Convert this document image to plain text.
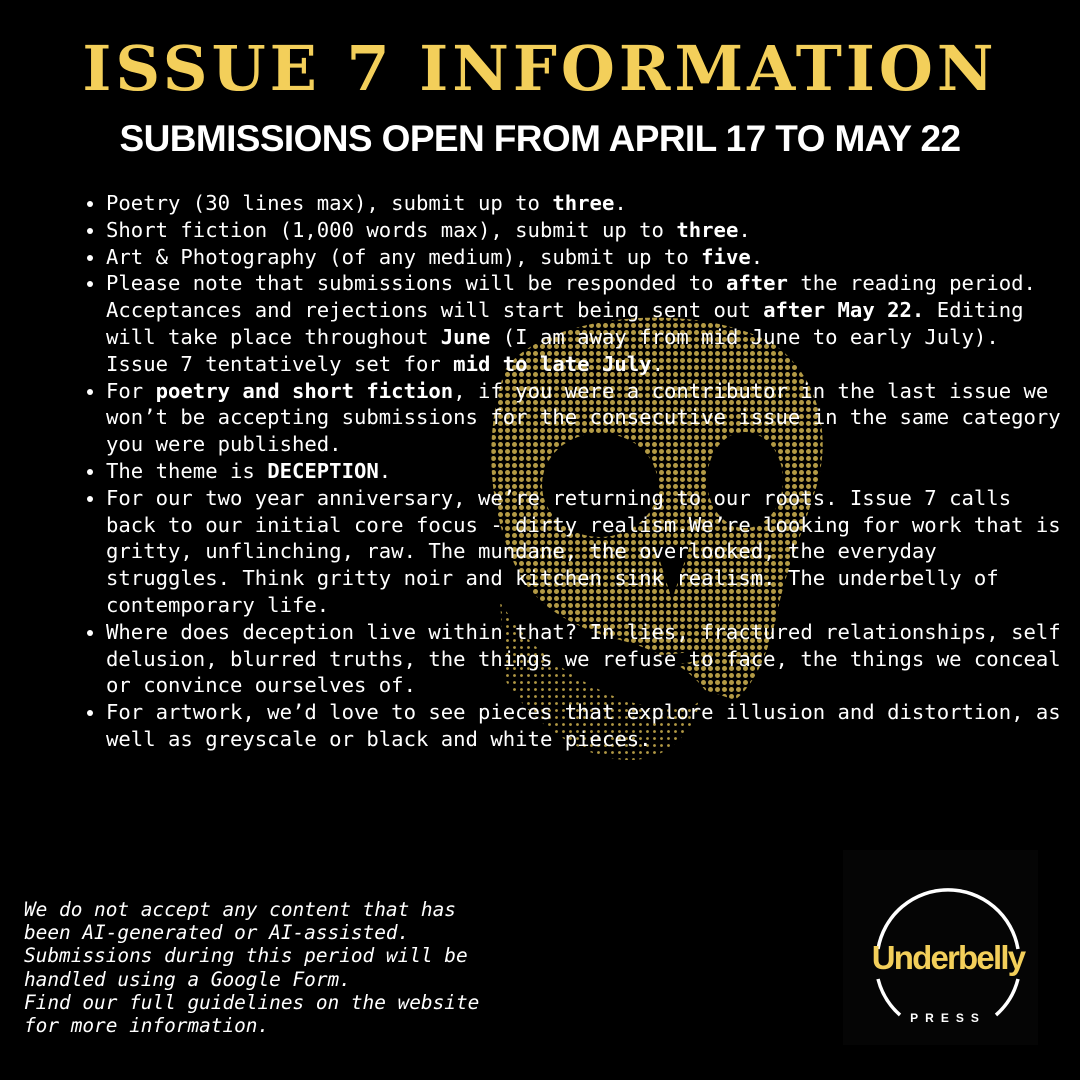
ISSUE 7 INFORMATION
SUBMISSIONS OPEN FROM APRIL 17 TO MAY 22
• Poetry (30 lines max), submit up to three.
• Short fiction (1,000 words max), submit up to three.
• Art & Photography (of any medium), submit up to five.
• Please note that submissions will be responded to after the reading period. Acceptances and rejections will start being sent out after May 22. Editing will take place throughout June (I am away from mid June to early July). Issue 7 tentatively set for mid to late July.
• For poetry and short fiction, if you were a contributor in the last issue we won’t be accepting submissions for the consecutive issue in the same category you were published.
• The theme is DECEPTION.
• For our two year anniversary, we’re returning to our roots. Issue 7 calls back to our initial core focus - dirty realism.We’re looking for work that is gritty, unflinching, raw. The mundane, the overlooked, the everyday struggles. Think gritty noir and kitchen sink realism. The underbelly of contemporary life.
• Where does deception live within that? In lies, fractured relationships, self delusion, blurred truths, the things we refuse to face, the things we conceal or convince ourselves of.
• For artwork, we’d love to see pieces that explore illusion and distortion, as well as greyscale or black and white pieces.
We do not accept any content that has
been AI-generated or AI-assisted.
Submissions during this period will be
handled using a Google Form.
Find our full guidelines on the website
for more information.
Underbelly
PRESS
